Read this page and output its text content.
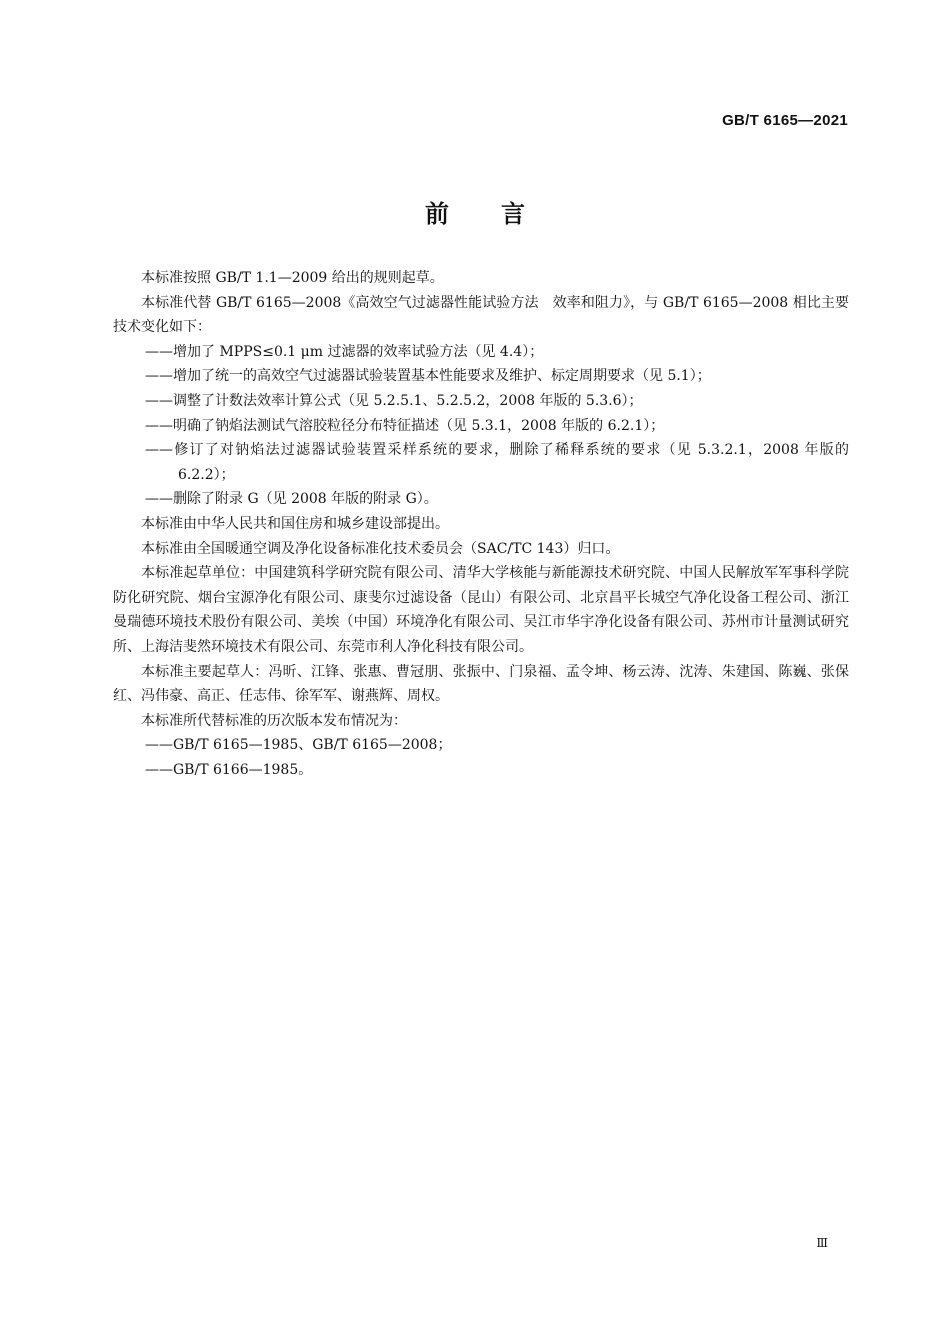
GB/T 6165—2021
前言

本标准按照 GB/T 1.1—2009 给出的规则起草。

本标准代替 GB/T 6165—2008《高效空气过滤器性能试验方法　效率和阻力》，与 GB/T 6165—2008 相比主要技术变化如下：

——增加了 MPPS≤0.1 μm 过滤器的效率试验方法（见 4.4）；

——增加了统一的高效空气过滤器试验装置基本性能要求及维护、标定周期要求（见 5.1）；

——调整了计数法效率计算公式（见 5.2.5.1、5.2.5.2，2008 年版的 5.3.6）；

——明确了钠焰法测试气溶胶粒径分布特征描述（见 5.3.1，2008 年版的 6.2.1）；

——修订了对钠焰法过滤器试验装置采样系统的要求，删除了稀释系统的要求（见 5.3.2.1，2008 年版的 6.2.2）；

——删除了附录 G（见 2008 年版的附录 G）。

本标准由中华人民共和国住房和城乡建设部提出。

本标准由全国暖通空调及净化设备标准化技术委员会（SAC/TC 143）归口。

本标准起草单位：中国建筑科学研究院有限公司、清华大学核能与新能源技术研究院、中国人民解放军军事科学院防化研究院、烟台宝源净化有限公司、康斐尔过滤设备（昆山）有限公司、北京昌平长城空气净化设备工程公司、浙江曼瑞德环境技术股份有限公司、美埃（中国）环境净化有限公司、吴江市华宇净化设备有限公司、苏州市计量测试研究所、上海洁斐然环境技术有限公司、东莞市利人净化科技有限公司。

本标准主要起草人：冯昕、江锋、张惠、曹冠朋、张振中、门泉福、孟令坤、杨云涛、沈涛、朱建国、陈巍、张保红、冯伟豪、高正、任志伟、徐军军、谢燕辉、周权。

本标准所代替标准的历次版本发布情况为：

——GB/T 6165—1985、GB/T 6165—2008；

——GB/T 6166—1985。

Ⅲ
